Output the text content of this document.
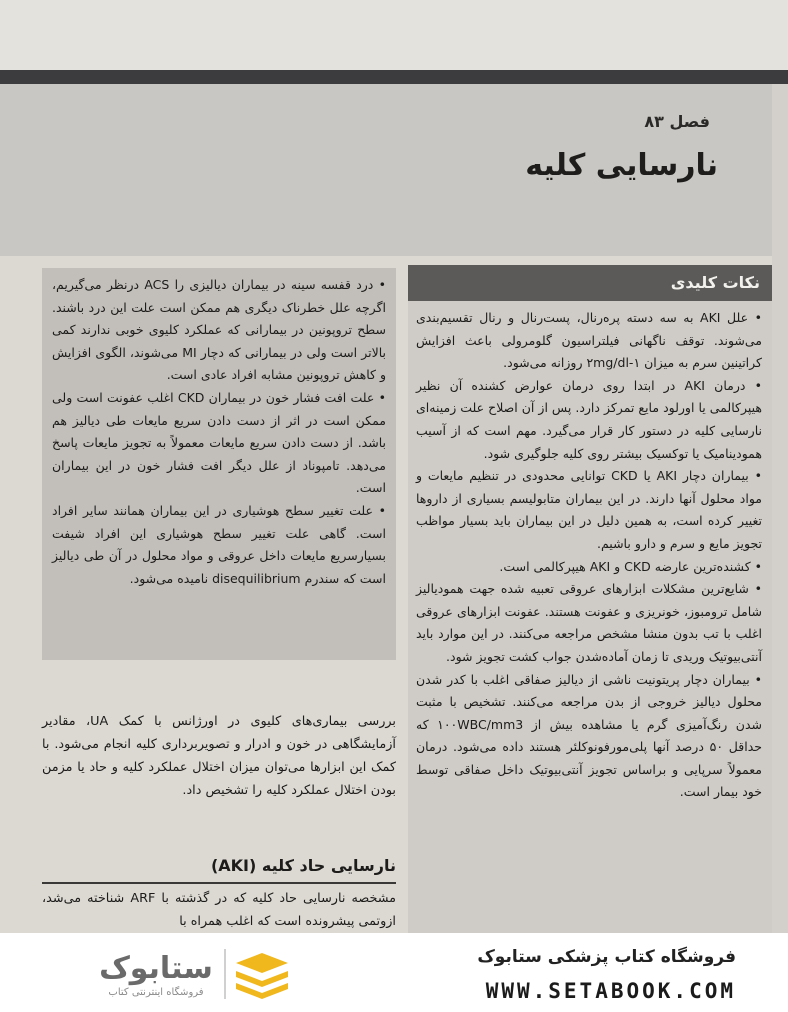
فصل ۸۳
نارسایی کلیه
نکات کلیدی

• علل AKI به سه دسته پره‌رنال، پست‌رنال و رنال تقسیم‌بندی می‌شوند. توقف ناگهانی فیلتراسیون گلومرولی باعث افزایش کراتینین سرم به میزان ۱-۲mg/dl روزانه می‌شود.

• درمان AKI در ابتدا روی درمان عوارض کشنده آن نظیر هیپرکالمی یا اورلود مایع تمرکز دارد. پس از آن اصلاح علت زمینه‌ای نارسایی کلیه در دستور کار قرار می‌گیرد. مهم است که از آسیب همودینامیک یا توکسیک بیشتر روی کلیه جلوگیری شود.

• بیماران دچار AKI یا CKD توانایی محدودی در تنظیم مایعات و مواد محلول آنها دارند. در این بیماران متابولیسم بسیاری از داروها تغییر کرده است، به همین دلیل در این بیماران باید بسیار مواظب تجویز مایع و سرم و دارو باشیم.

• کشنده‌ترین عارضه CKD و AKI هیپرکالمی است.

• شایع‌ترین مشکلات ابزارهای عروقی تعبیه شده جهت همودیالیز شامل ترومبوز، خونریزی و عفونت هستند. عفونت ابزارهای عروقی اغلب با تب بدون منشا مشخص مراجعه می‌کنند. در این موارد باید آنتی‌بیوتیک وریدی تا زمان آماده‌شدن جواب کشت تجویز شود.

• بیماران دچار پریتونیت ناشی از دیالیز صفاقی اغلب با کدر شدن محلول دیالیز خروجی از بدن مراجعه می‌کنند. تشخیص با مثبت شدن رنگ‌آمیزی گرم یا مشاهده بیش از ۱۰۰WBC/mm3 که حداقل ۵۰ درصد آنها پلی‌مورفونوکلئر هستند داده می‌شود. درمان معمولاً سرپایی و براساس تجویز آنتی‌بیوتیک داخل صفاقی توسط خود بیمار است.

• درد قفسه سینه در بیماران دیالیزی را ACS درنظر می‌گیریم، اگرچه علل خطرناک دیگری هم ممکن است علت این درد باشند. سطح تروپونین در بیمارانی که عملکرد کلیوی خوبی ندارند کمی بالاتر است ولی در بیمارانی که دچار MI می‌شوند، الگوی افزایش و کاهش تروپونین مشابه افراد عادی است.

• علت افت فشار خون در بیماران CKD اغلب عفونت است ولی ممکن است در اثر از دست دادن سریع مایعات طی دیالیز هم باشد. از دست دادن سریع مایعات معمولاً به تجویز مایعات پاسخ می‌دهد. تامپوناد از علل دیگر افت فشار خون در این بیماران است.

• علت تغییر سطح هوشیاری در این بیماران همانند سایر افراد است. گاهی علت تغییر سطح هوشیاری این افراد شیفت بسیارسریع مایعات داخل عروقی و مواد محلول در آن طی دیالیز است که سندرم disequilibrium نامیده می‌شود.

بررسی بیماری‌های کلیوی در اورژانس با کمک UA، مقادیر آزمایشگاهی در خون و ادرار و تصویربرداری کلیه انجام می‌شود. با کمک این ابزارها می‌توان میزان اختلال عملکرد کلیه و حاد یا مزمن بودن اختلال عملکرد کلیه را تشخیص داد.

نارسایی حاد کلیه (AKI)

مشخصه نارسایی حاد کلیه که در گذشته با ARF شناخته می‌شد، ازوتمی پیشرونده است که اغلب همراه با

ستابوک
فروشگاه اینترنتی کتاب
فروشگاه کتاب پزشکی ستابوک
WWW.SETABOOK.COM
